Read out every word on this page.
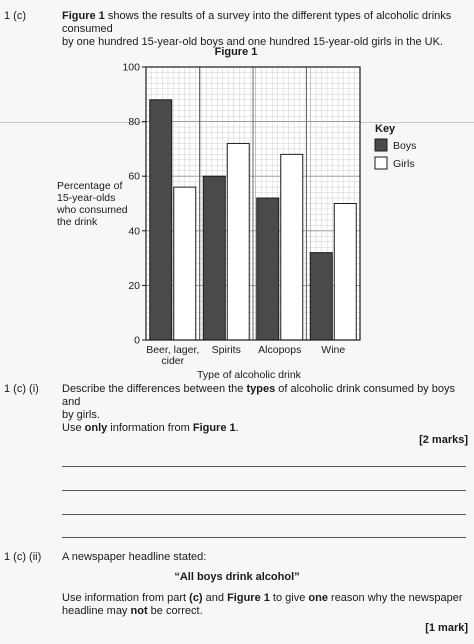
1 (c)	Figure 1 shows the results of a survey into the different types of alcoholic drinks consumed
by one hundred 15-year-old boys and one hundred 15-year-old girls in the UK.
Figure 1
0
20
40
60
80
100
Beer, lager, cider
Spirits Alcopops Wine
Percentage of
15-year-olds
who consumed
the drink
Type of alcoholic drink
Key
Boys
Girls
1 (c) (i) Describe the differences between the types of alcoholic drink consumed by boys and
by girls.
Use only information from Figure 1.
[2 marks]
1 (c) (ii) A newspaper headline stated:
“All boys drink alcohol”
Use information from part (c) and Figure 1 to give one reason why the newspaper
headline may not be correct.
[1 mark]
